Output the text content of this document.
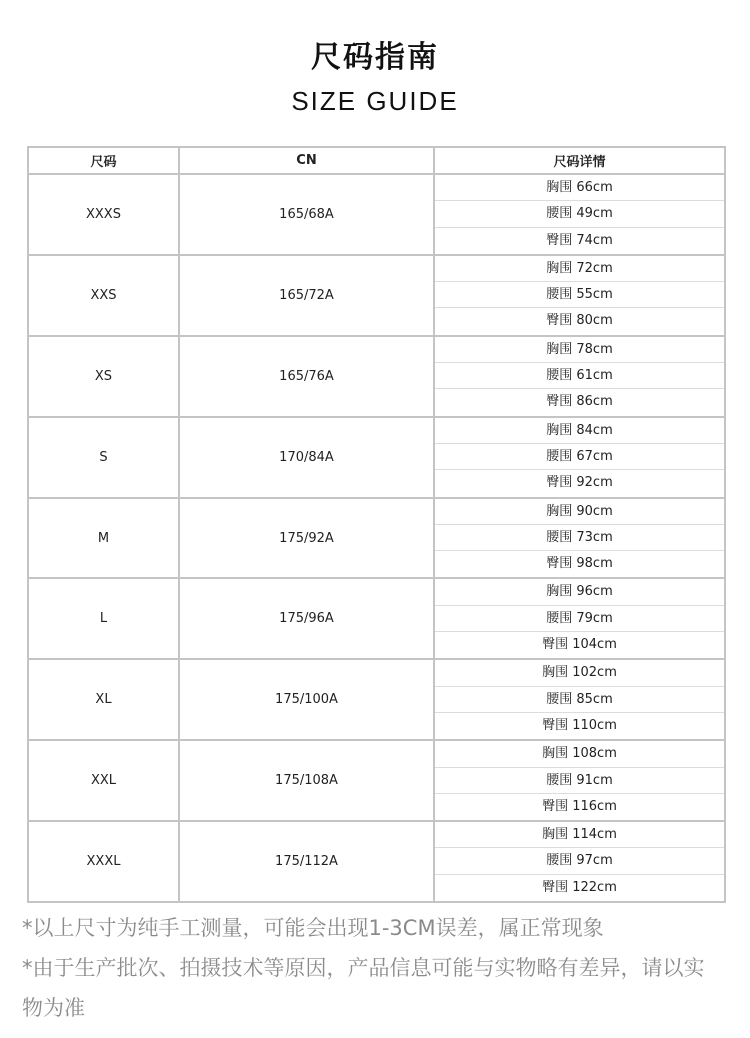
尺码指南
SIZE GUIDE
尺码	CN	尺码详情
XXXS	165/68A	胸围 66cm
腰围 49cm
臀围 74cm

XXS	165/72A	胸围 72cm
腰围 55cm
臀围 80cm

XS	165/76A	胸围 78cm
腰围 61cm
臀围 86cm

S	170/84A	胸围 84cm
腰围 67cm
臀围 92cm

M	175/92A	胸围 90cm
腰围 73cm
臀围 98cm

L	175/96A	胸围 96cm
腰围 79cm
臀围 104cm

XL	175/100A	胸围 102cm
腰围 85cm
臀围 110cm

XXL	175/108A	胸围 108cm
腰围 91cm
臀围 116cm

XXXL	175/112A	胸围 114cm
腰围 97cm
臀围 122cm

*以上尺寸为纯手工测量，可能会出现1-3CM误差，属正常现象

*由于生产批次、拍摄技术等原因，产品信息可能与实物略有差异，请以实物为准
